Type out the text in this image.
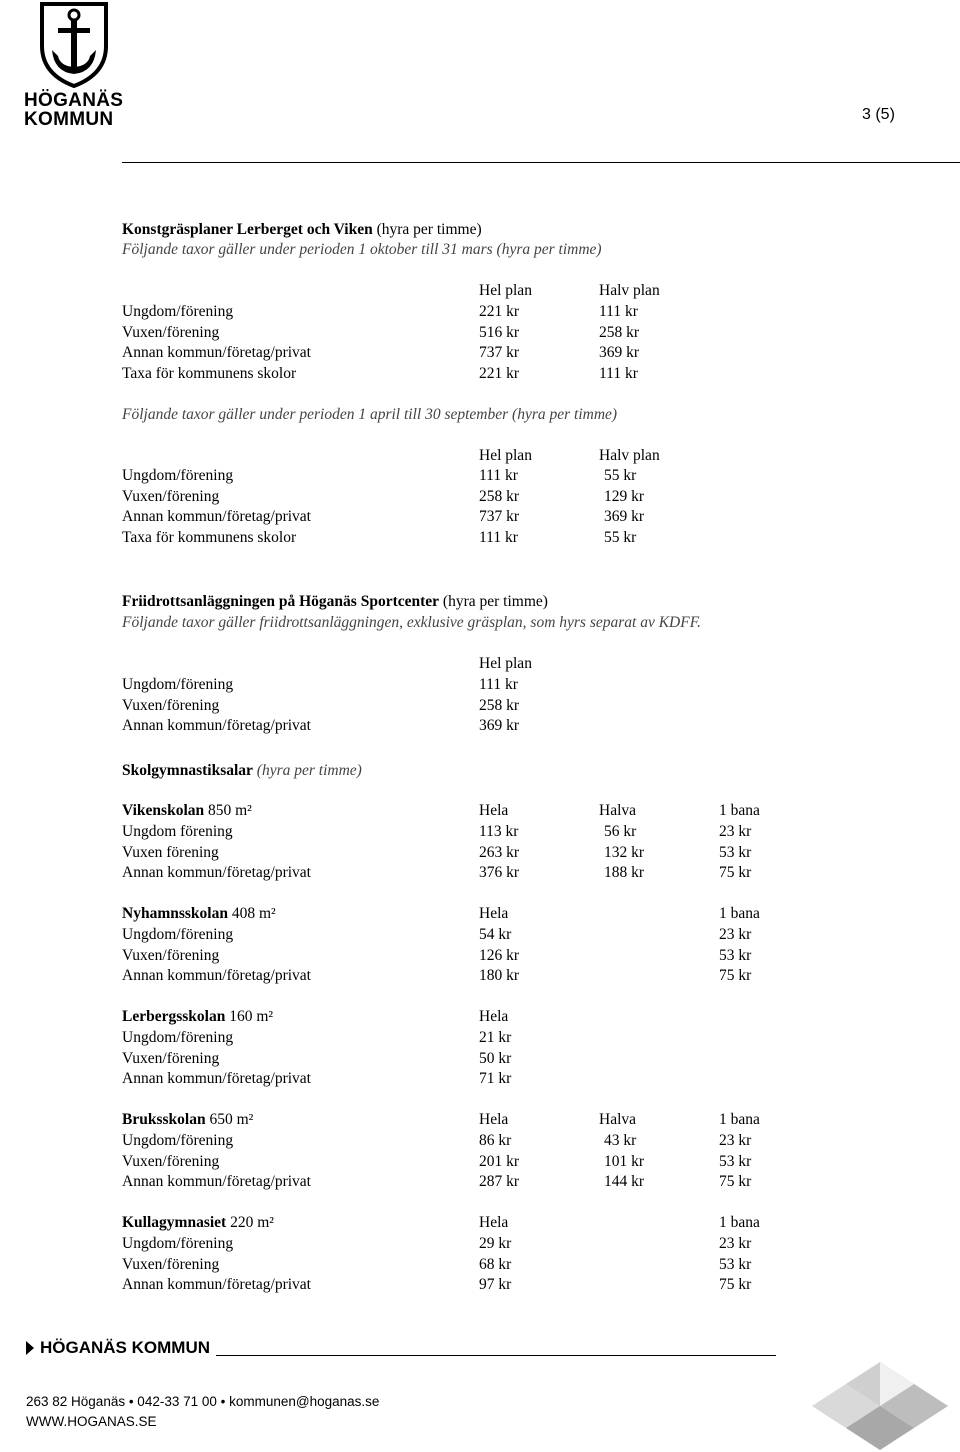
HÖGANÄS
KOMMUN	3 (5)
Konstgräsplaner Lerberget och Viken (hyra per timme)
Följande taxor gäller under perioden 1 oktober till 31 mars (hyra per timme)
Hel plan	Halv plan
Ungdom/förening	221 kr	111 kr
Vuxen/förening	516 kr	258 kr
Annan kommun/företag/privat	737 kr	369 kr
Taxa för kommunens skolor	221 kr	111 kr
Följande taxor gäller under perioden 1 april till 30 september (hyra per timme)
Hel plan	Halv plan
Ungdom/förening	111 kr	55 kr
Vuxen/förening	258 kr	129 kr
Annan kommun/företag/privat	737 kr	369 kr
Taxa för kommunens skolor	111 kr	55 kr
Friidrottsanläggningen på Höganäs Sportcenter (hyra per timme)
Följande taxor gäller friidrottsanläggningen, exklusive gräsplan, som hyrs separat av KDFF.
Hel plan
Ungdom/förening	111 kr
Vuxen/förening	258 kr
Annan kommun/företag/privat	369 kr
Skolgymnastiksalar (hyra per timme)
Vikenskolan 850 m²	Hela	Halva	1 bana
Ungdom förening	113 kr	56 kr	23 kr
Vuxen förening	263 kr	132 kr	53 kr
Annan kommun/företag/privat	376 kr	188 kr	75 kr
Nyhamnsskolan 408 m²	Hela	1 bana
Ungdom/förening	54 kr	23 kr
Vuxen/förening	126 kr	53 kr
Annan kommun/företag/privat	180 kr	75 kr
Lerbergsskolan 160 m²	Hela
Ungdom/förening	21 kr
Vuxen/förening	50 kr
Annan kommun/företag/privat	71 kr
Bruksskolan 650 m²	Hela	Halva	1 bana
Ungdom/förening	86 kr	43 kr	23 kr
Vuxen/förening	201 kr	101 kr	53 kr
Annan kommun/företag/privat	287 kr	144 kr	75 kr
Kullagymnasiet 220 m²	Hela	1 bana
Ungdom/förening	29 kr	23 kr
Vuxen/förening	68 kr	53 kr
Annan kommun/företag/privat	97 kr	75 kr
HÖGANÄS KOMMUN
263 82 Höganäs • 042-33 71 00 • kommunen@hoganas.se
WWW.HOGANAS.SE
